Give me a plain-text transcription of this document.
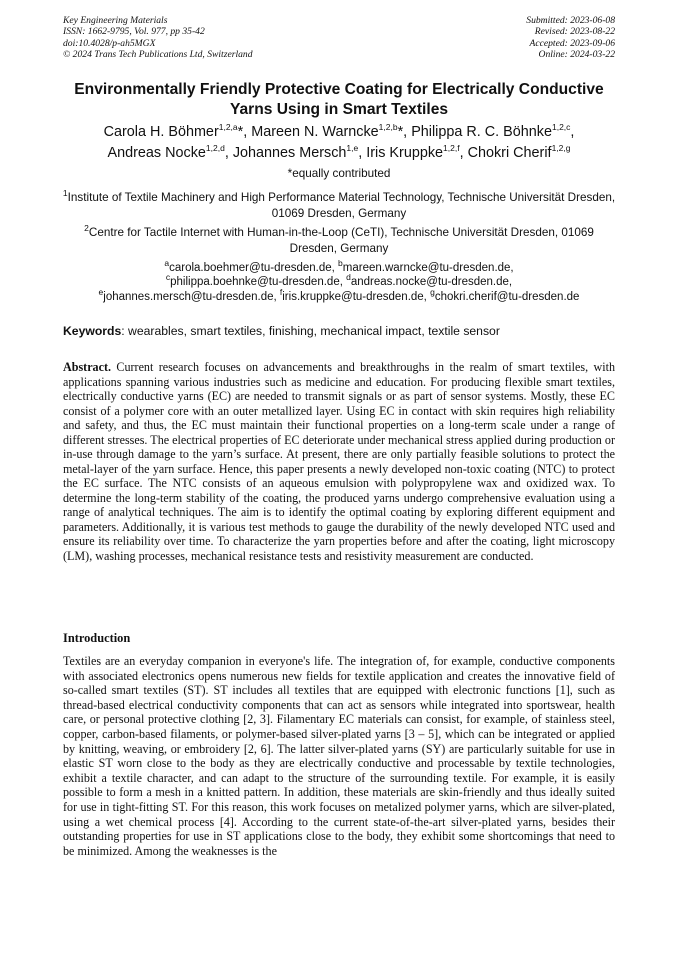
Key Engineering Materials
ISSN: 1662-9795, Vol. 977, pp 35-42
doi:10.4028/p-ah5MGX
© 2024 Trans Tech Publications Ltd, Switzerland
Submitted: 2023-06-08
Revised: 2023-08-22
Accepted: 2023-09-06
Online: 2024-03-22
Environmentally Friendly Protective Coating for Electrically Conductive
Yarns Using in Smart Textiles
Carola H. Böhmer$^{1,2,a}$*, Mareen N. Warncke$^{1,2,b}$*, Philippa R. C. Böhnke$^{1,2,c}$,
Andreas Nocke$^{1,2,d}$, Johannes Mersch$^{1,e}$, Iris Kruppke$^{1,2,f}$, Chokri Cherif$^{1,2,g}$
*equally contributed
$^1$Institute of Textile Machinery and High Performance Material Technology, Technische Universität Dresden, 01069 Dresden, Germany
$^2$Centre for Tactile Internet with Human-in-the-Loop (CeTI), Technische Universität Dresden, 01069 Dresden, Germany
$^a$carola.boehmer@tu-dresden.de, $^b$mareen.warncke@tu-dresden.de,
$^c$philippa.boehnke@tu-dresden.de, $^d$andreas.nocke@tu-dresden.de,
$^e$johannes.mersch@tu-dresden.de, $^f$iris.kruppke@tu-dresden.de, $^g$chokri.cherif@tu-dresden.de
Keywords: wearables, smart textiles, finishing, mechanical impact, textile sensor

Abstract. Current research focuses on advancements and breakthroughs in the realm of smart textiles, with applications spanning various industries such as medicine and education. For producing flexible smart textiles, electrically conductive yarns (EC) are needed to transmit signals or as part of sensor systems. Mostly, these EC consist of a polymer core with an outer metallized layer. Using EC in contact with skin requires high reliability and safety, and thus, the EC must maintain their functional properties on a long-term scale under a range of different stresses. The electrical properties of EC deteriorate under mechanical stress applied during production or in-use through damage to the yarn’s surface. At present, there are only partially feasible solutions to protect the metal-layer of the yarn surface. Hence, this paper presents a newly developed non-toxic coating (NTC) to protect the EC surface. The NTC consists of an aqueous emulsion with polypropylene wax and oxidized wax. To determine the long-term stability of the coating, the produced yarns undergo comprehensive evaluation using a range of analytical techniques. The aim is to identify the optimal coating by exploring different equipment and parameters. Additionally, it is various test methods to gauge the durability of the newly developed NTC used and ensure its reliability over time. To characterize the yarn properties before and after the coating, light microscopy (LM), washing processes, mechanical resistance tests and resistivity measurement are conducted.

Introduction

Textiles are an everyday companion in everyone's life. The integration of, for example, conductive components with associated electronics opens numerous new fields for textile application and creates the innovative field of so-called smart textiles (ST). ST includes all textiles that are equipped with electronic functions [1], such as thread-based electrical conductivity components that can act as sensors while integrated into sportswear, health care, or personal protective clothing [2, 3]. Filamentary EC materials can consist, for example, of stainless steel, copper, carbon-based filaments, or polymer-based silver-plated yarns [3 – 5], which can be integrated or applied by knitting, weaving, or embroidery [2, 6]. The latter silver-plated yarns (SY) are particularly suitable for use in elastic ST worn close to the body as they are electrically conductive and processable by textile technologies, exhibit a textile character, and can adapt to the structure of the surrounding textile. For example, it is easily possible to form a mesh in a knitted pattern. In addition, these materials are skin-friendly and thus ideally suited for use in tight-fitting ST. For this reason, this work focuses on metalized polymer yarns, which are silver-plated, using a wet chemical process [4]. According to the current state-of-the-art silver-plated yarns, besides their outstanding properties for use in ST applications close to the body, they exhibit some shortcomings that need to be minimized. Among the weaknesses is the
